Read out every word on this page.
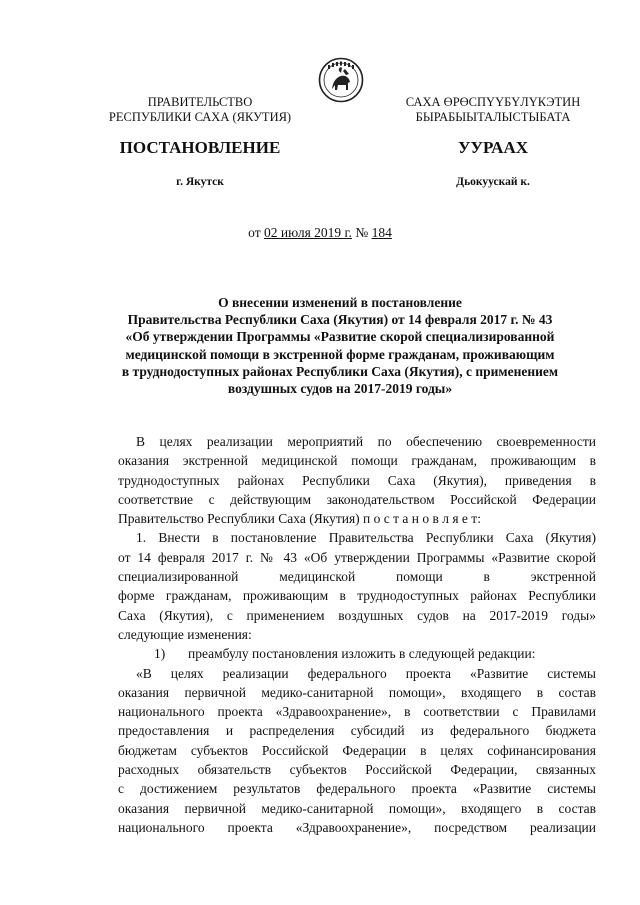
ПРАВИТЕЛЬСТВО
РЕСПУБЛИКИ САХА (ЯКУТИЯ)
САХА ӨРӨСПҮҮБҮЛҮКЭТИН
БЫРАБЫЫТАЛЫСТЫБАТА
ПОСТАНОВЛЕНИЕ	УУРААХ
г. Якутск	Дьокуускай к.
от 02 июля 2019 г. № 184
О внесении изменений в постановление
Правительства Республики Саха (Якутия) от 14 февраля 2017 г. № 43
«Об утверждении Программы «Развитие скорой специализированной
медицинской помощи в экстренной форме гражданам, проживающим
в труднодоступных районах Республики Саха (Якутия), с применением
воздушных судов на 2017-2019 годы»
В целях реализации мероприятий по обеспечению своевременности
оказания экстренной медицинской помощи гражданам, проживающим в
труднодоступных районах Республики Саха (Якутия), приведения в
соответствие с действующим законодательством Российской Федерации
Правительство Республики Саха (Якутия) п о с т а н о в л я е т:
1. Внести в постановление Правительства Республики Саха (Якутия)
от 14 февраля 2017 г. № 43 «Об утверждении Программы «Развитие скорой
специализированной медицинской помощи в экстренной
форме гражданам, проживающим в труднодоступных районах Республики
Саха (Якутия), с применением воздушных судов на 2017-2019 годы»
следующие изменения:
1) преамбулу постановления изложить в следующей редакции:
«В целях реализации федерального проекта «Развитие системы
оказания первичной медико-санитарной помощи», входящего в состав
национального проекта «Здравоохранение», в соответствии с Правилами
предоставления и распределения субсидий из федерального бюджета
бюджетам субъектов Российской Федерации в целях софинансирования
расходных обязательств субъектов Российской Федерации, связанных
с достижением результатов федерального проекта «Развитие системы
оказания первичной медико-санитарной помощи», входящего в состав
национального проекта «Здравоохранение», посредством реализации
